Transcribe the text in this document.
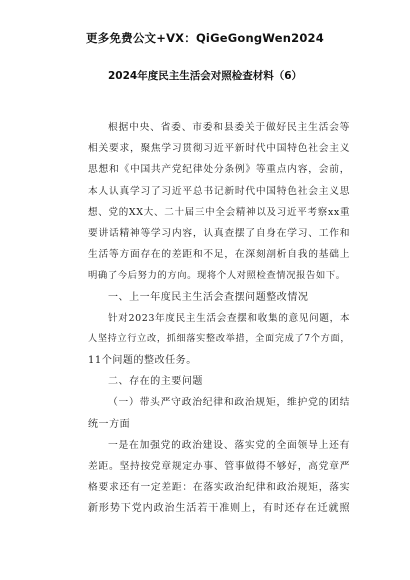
更多免费公文+VX：QiGeGongWen2024
2024年度民主生活会对照检查材料（6）
根据中央、省委、市委和县委关于做好民主生活会等
相关要求，聚焦学习贯彻习近平新时代中国特色社会主义
思想和《中国共产党纪律处分条例》等重点内容，会前，
本人认真学习了习近平总书记新时代中国特色社会主义思
想、党的XX大、二十届三中全会精神以及习近平考察xx重
要讲话精神等学习内容，认真查摆了自身在学习、工作和
生活等方面存在的差距和不足，在深刻剖析自我的基础上
明确了今后努力的方向。现将个人对照检查情况报告如下。
一、上一年度民主生活会查摆问题整改情况
针对2023年度民主生活会查摆和收集的意见问题，本
人坚持立行立改，抓细落实整改举措，全面完成了7个方面，
11个问题的整改任务。
二、存在的主要问题
（一）带头严守政治纪律和政治规矩，维护党的团结
统一方面
一是在加强党的政治建设、落实党的全面领导上还有
差距。坚持按党章规定办事、管事做得不够好，高党章严
格要求还有一定差距：在落实政治纪律和政治规矩，落实
新形势下党内政治生活若干准则上，有时还存在迁就照
